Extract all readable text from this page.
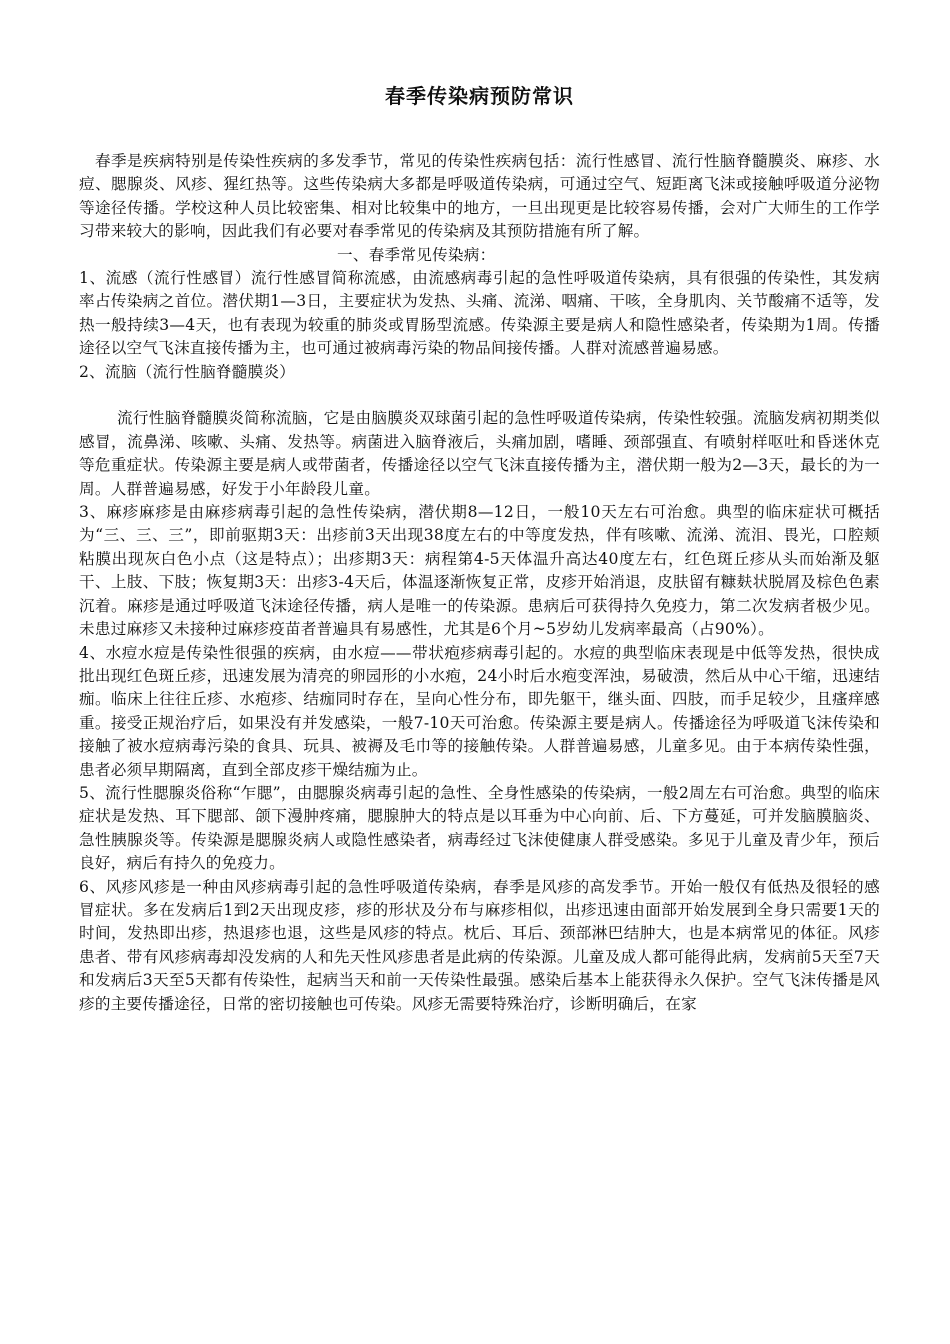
春季传染病预防常识

春季是疾病特别是传染性疾病的多发季节，常见的传染性疾病包括：流行性感冒、流行性脑脊髓膜炎、麻疹、水痘、腮腺炎、风疹、猩红热等。这些传染病大多都是呼吸道传染病，可通过空气、短距离飞沫或接触呼吸道分泌物等途径传播。学校这种人员比较密集、相对比较集中的地方，一旦出现更是比较容易传播，会对广大师生的工作学习带来较大的影响，因此我们有必要对春季常见的传染病及其预防措施有所了解。

一、春季常见传染病：

1、流感（流行性感冒）流行性感冒简称流感，由流感病毒引起的急性呼吸道传染病，具有很强的传染性，其发病率占传染病之首位。潜伏期1—3日，主要症状为发热、头痛、流涕、咽痛、干咳，全身肌肉、关节酸痛不适等，发热一般持续3—4天，也有表现为较重的肺炎或胃肠型流感。传染源主要是病人和隐性感染者，传染期为1周。传播途径以空气飞沫直接传播为主，也可通过被病毒污染的物品间接传播。人群对流感普遍易感。

2、流脑（流行性脑脊髓膜炎）

流行性脑脊髓膜炎简称流脑，它是由脑膜炎双球菌引起的急性呼吸道传染病，传染性较强。流脑发病初期类似感冒，流鼻涕、咳嗽、头痛、发热等。病菌进入脑脊液后，头痛加剧，嗜睡、颈部强直、有喷射样呕吐和昏迷休克等危重症状。传染源主要是病人或带菌者，传播途径以空气飞沫直接传播为主，潜伏期一般为2—3天，最长的为一周。人群普遍易感，好发于小年龄段儿童。

3、麻疹麻疹是由麻疹病毒引起的急性传染病，潜伏期8—12日，一般10天左右可治愈。典型的临床症状可概括为“三、三、三”，即前驱期3天：出疹前3天出现38度左右的中等度发热，伴有咳嗽、流涕、流泪、畏光，口腔颊粘膜出现灰白色小点（这是特点）；出疹期3天：病程第4-5天体温升高达40度左右，红色斑丘疹从头而始渐及躯干、上肢、下肢；恢复期3天：出疹3-4天后，体温逐渐恢复正常，皮疹开始消退，皮肤留有糠麸状脱屑及棕色色素沉着。麻疹是通过呼吸道飞沫途径传播，病人是唯一的传染源。患病后可获得持久免疫力，第二次发病者极少见。未患过麻疹又未接种过麻疹疫苗者普遍具有易感性，尤其是6个月~5岁幼儿发病率最高（占90%）。

4、水痘水痘是传染性很强的疾病，由水痘——带状疱疹病毒引起的。水痘的典型临床表现是中低等发热，很快成批出现红色斑丘疹，迅速发展为清亮的卵园形的小水疱，24小时后水疱变浑浊，易破溃，然后从中心干缩，迅速结痂。临床上往往丘疹、水疱疹、结痂同时存在，呈向心性分布，即先躯干，继头面、四肢，而手足较少，且瘙痒感重。接受正规治疗后，如果没有并发感染，一般7-10天可治愈。传染源主要是病人。传播途径为呼吸道飞沫传染和接触了被水痘病毒污染的食具、玩具、被褥及毛巾等的接触传染。人群普遍易感，儿童多见。由于本病传染性强，患者必须早期隔离，直到全部皮疹干燥结痂为止。

5、流行性腮腺炎俗称“乍腮”，由腮腺炎病毒引起的急性、全身性感染的传染病，一般2周左右可治愈。典型的临床症状是发热、耳下腮部、颌下漫肿疼痛，腮腺肿大的特点是以耳垂为中心向前、后、下方蔓延，可并发脑膜脑炎、急性胰腺炎等。传染源是腮腺炎病人或隐性感染者，病毒经过飞沫使健康人群受感染。多见于儿童及青少年，预后良好，病后有持久的免疫力。

6、风疹风疹是一种由风疹病毒引起的急性呼吸道传染病，春季是风疹的高发季节。开始一般仅有低热及很轻的感冒症状。多在发病后1到2天出现皮疹，疹的形状及分布与麻疹相似，出疹迅速由面部开始发展到全身只需要1天的时间，发热即出疹，热退疹也退，这些是风疹的特点。枕后、耳后、颈部淋巴结肿大，也是本病常见的体征。风疹患者、带有风疹病毒却没发病的人和先天性风疹患者是此病的传染源。儿童及成人都可能得此病，发病前5天至7天和发病后3天至5天都有传染性，起病当天和前一天传染性最强。感染后基本上能获得永久保护。空气飞沫传播是风疹的主要传播途径，日常的密切接触也可传染。风疹无需要特殊治疗，诊断明确后，在家
